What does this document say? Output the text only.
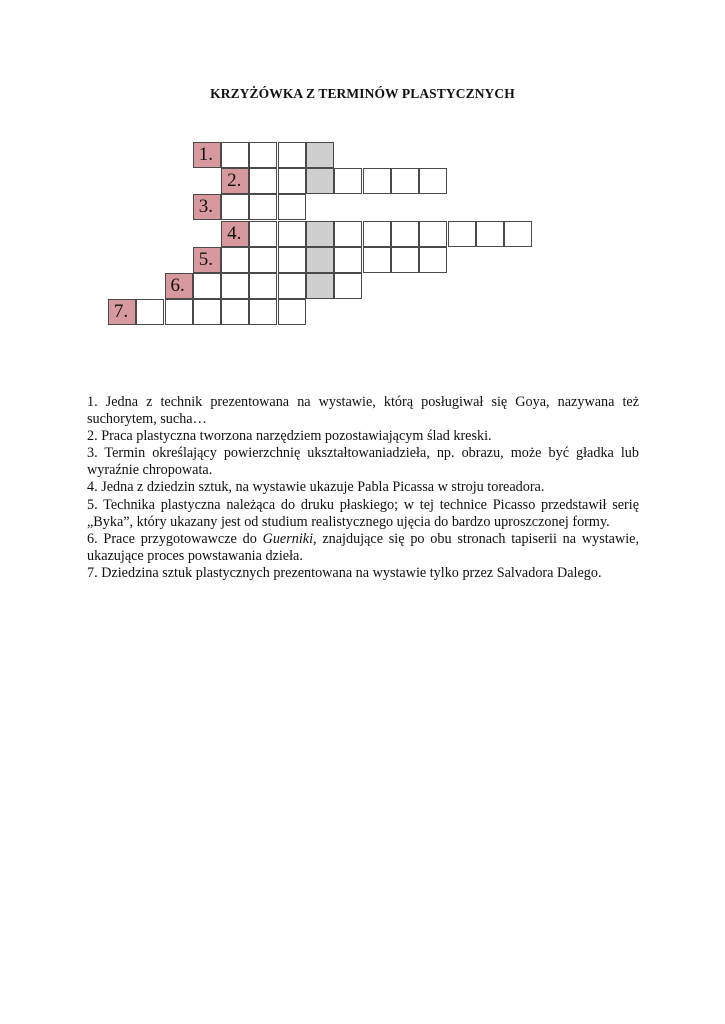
KRZYŻÓWKA Z TERMINÓW PLASTYCZNYCH
1.
2.
3.
4.
5.
6.
7.

1. Jedna z technik prezentowana na wystawie, którą posługiwał się Goya, nazywana też suchorytem, sucha…

2. Praca plastyczna tworzona narzędziem pozostawiającym ślad kreski.

3. Termin określający powierzchnię ukształtowaniadzieła, np. obrazu, może być gładka lub wyraźnie chropowata.

4. Jedna z dziedzin sztuk, na wystawie ukazuje Pabla Picassa w stroju toreadora.

5. Technika plastyczna należąca do druku płaskiego; w tej technice Picasso przedstawił serię „Byka”, który ukazany jest od studium realistycznego ujęcia do bardzo uproszczonej formy.

6. Prace przygotowawcze do Guerniki, znajdujące się po obu stronach tapiserii na wystawie, ukazujące proces powstawania dzieła.

7. Dziedzina sztuk plastycznych prezentowana na wystawie tylko przez Salvadora Dalego.
